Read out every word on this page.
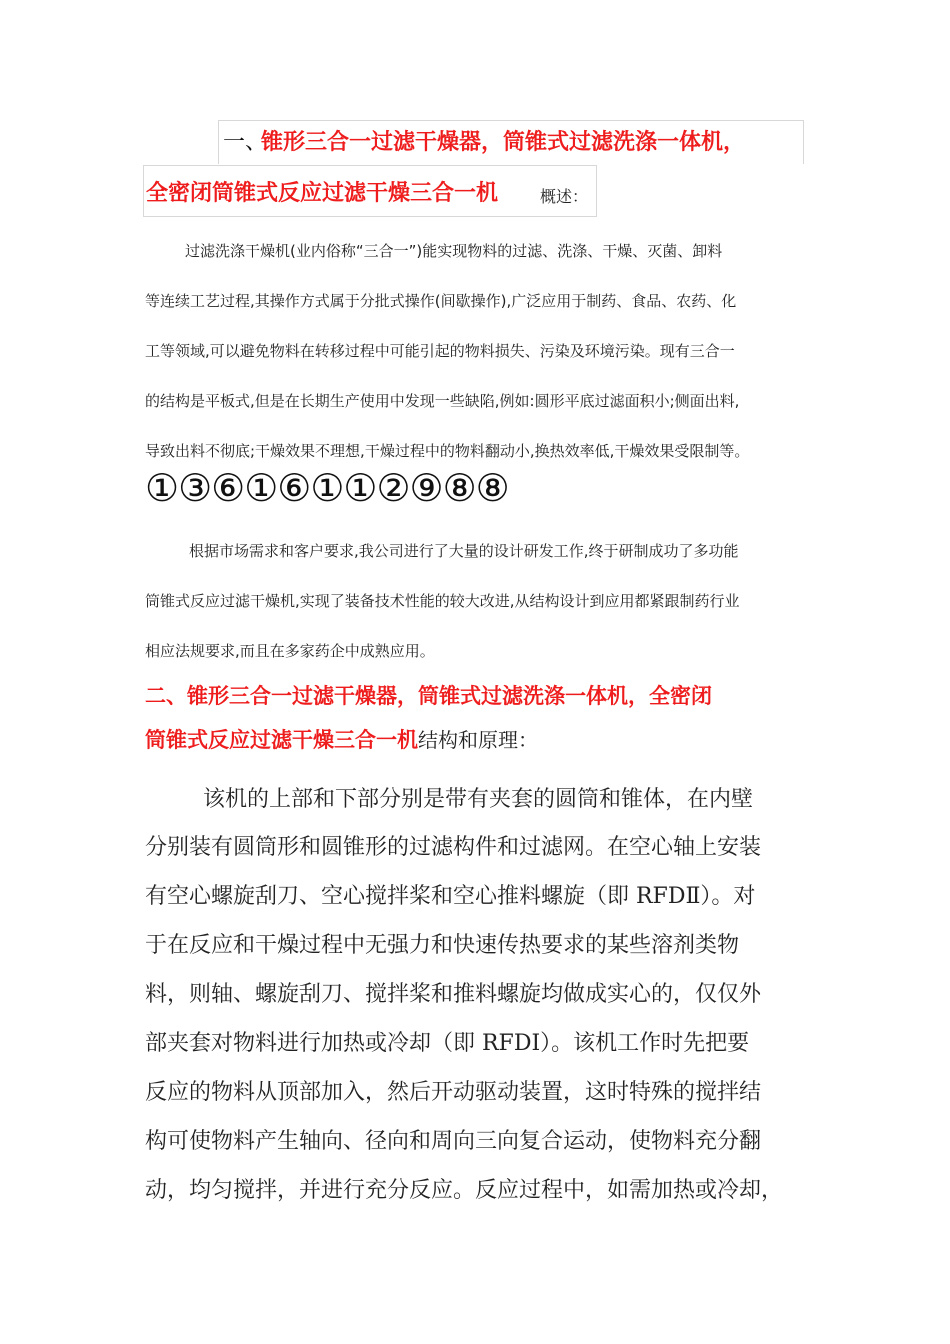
一、
锥形三合一过滤干燥器，筒锥式过滤洗涤一体机，
全密闭筒锥式反应过滤干燥三合一机	概述：
过滤洗涤干燥机(业内俗称“三合一”)能实现物料的过滤、洗涤、干燥、灭菌、卸料
等连续工艺过程,其操作方式属于分批式操作(间歇操作),广泛应用于制药、食品、农药、化
工等领域,可以避免物料在转移过程中可能引起的物料损失、污染及环境污染。现有三合一
的结构是平板式,但是在长期生产使用中发现一些缺陷,例如:圆形平底过滤面积小;侧面出料,
导致出料不彻底;干燥效果不理想,干燥过程中的物料翻动小,换热效率低,干燥效果受限制等。
①③⑥①⑥①①②⑨⑧⑧
根据市场需求和客户要求,我公司进行了大量的设计研发工作,终于研制成功了多功能
筒锥式反应过滤干燥机,实现了装备技术性能的较大改进,从结构设计到应用都紧跟制药行业
相应法规要求,而且在多家药企中成熟应用。
二、锥形三合一过滤干燥器，筒锥式过滤洗涤一体机，全密闭
筒锥式反应过滤干燥三合一机结构和原理：
该机的上部和下部分别是带有夹套的圆筒和锥体，在内壁
分别装有圆筒形和圆锥形的过滤构件和过滤网。在空心轴上安装
有空心螺旋刮刀、空心搅拌桨和空心推料螺旋（即 RFDⅡ）。对
于在反应和干燥过程中无强力和快速传热要求的某些溶剂类物
料，则轴、螺旋刮刀、搅拌桨和推料螺旋均做成实心的，仅仅外
部夹套对物料进行加热或冷却（即 RFDⅠ）。该机工作时先把要
反应的物料从顶部加入，然后开动驱动装置，这时特殊的搅拌结
构可使物料产生轴向、径向和周向三向复合运动，使物料充分翻
动，均匀搅拌，并进行充分反应。反应过程中，如需加热或冷却，
